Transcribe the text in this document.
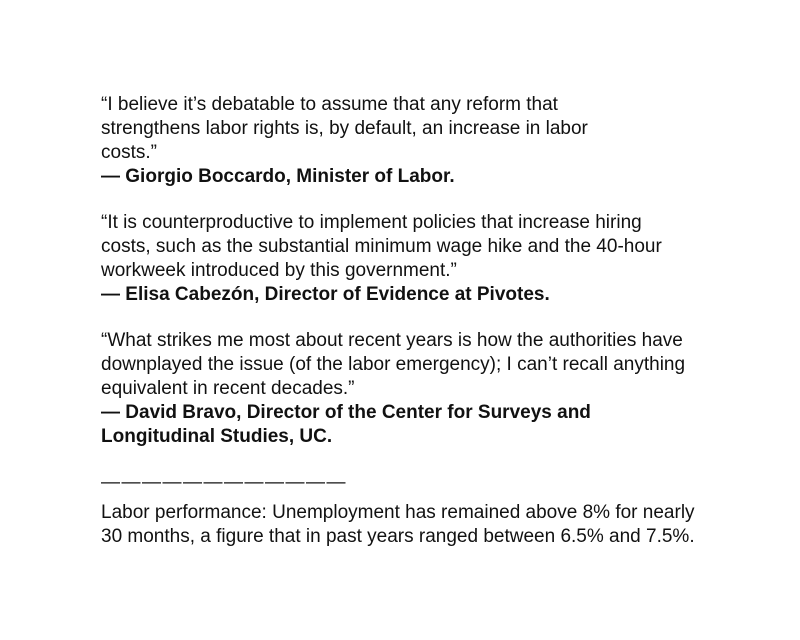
“I believe it’s debatable to assume that any reform that strengthens labor rights is, by default, an increase in labor costs.”
— Giorgio Boccardo, Minister of Labor.
“It is counterproductive to implement policies that increase hiring costs, such as the substantial minimum wage hike and the 40-hour workweek introduced by this government.”
— Elisa Cabezón, Director of Evidence at Pivotes.
“What strikes me most about recent years is how the authorities have downplayed the issue (of the labor emergency); I can’t recall anything equivalent in recent decades.”
— David Bravo, Director of the Center for Surveys and Longitudinal Studies, UC.
————————————
Labor performance: Unemployment has remained above 8% for nearly 30 months, a figure that in past years ranged between 6.5% and 7.5%.
